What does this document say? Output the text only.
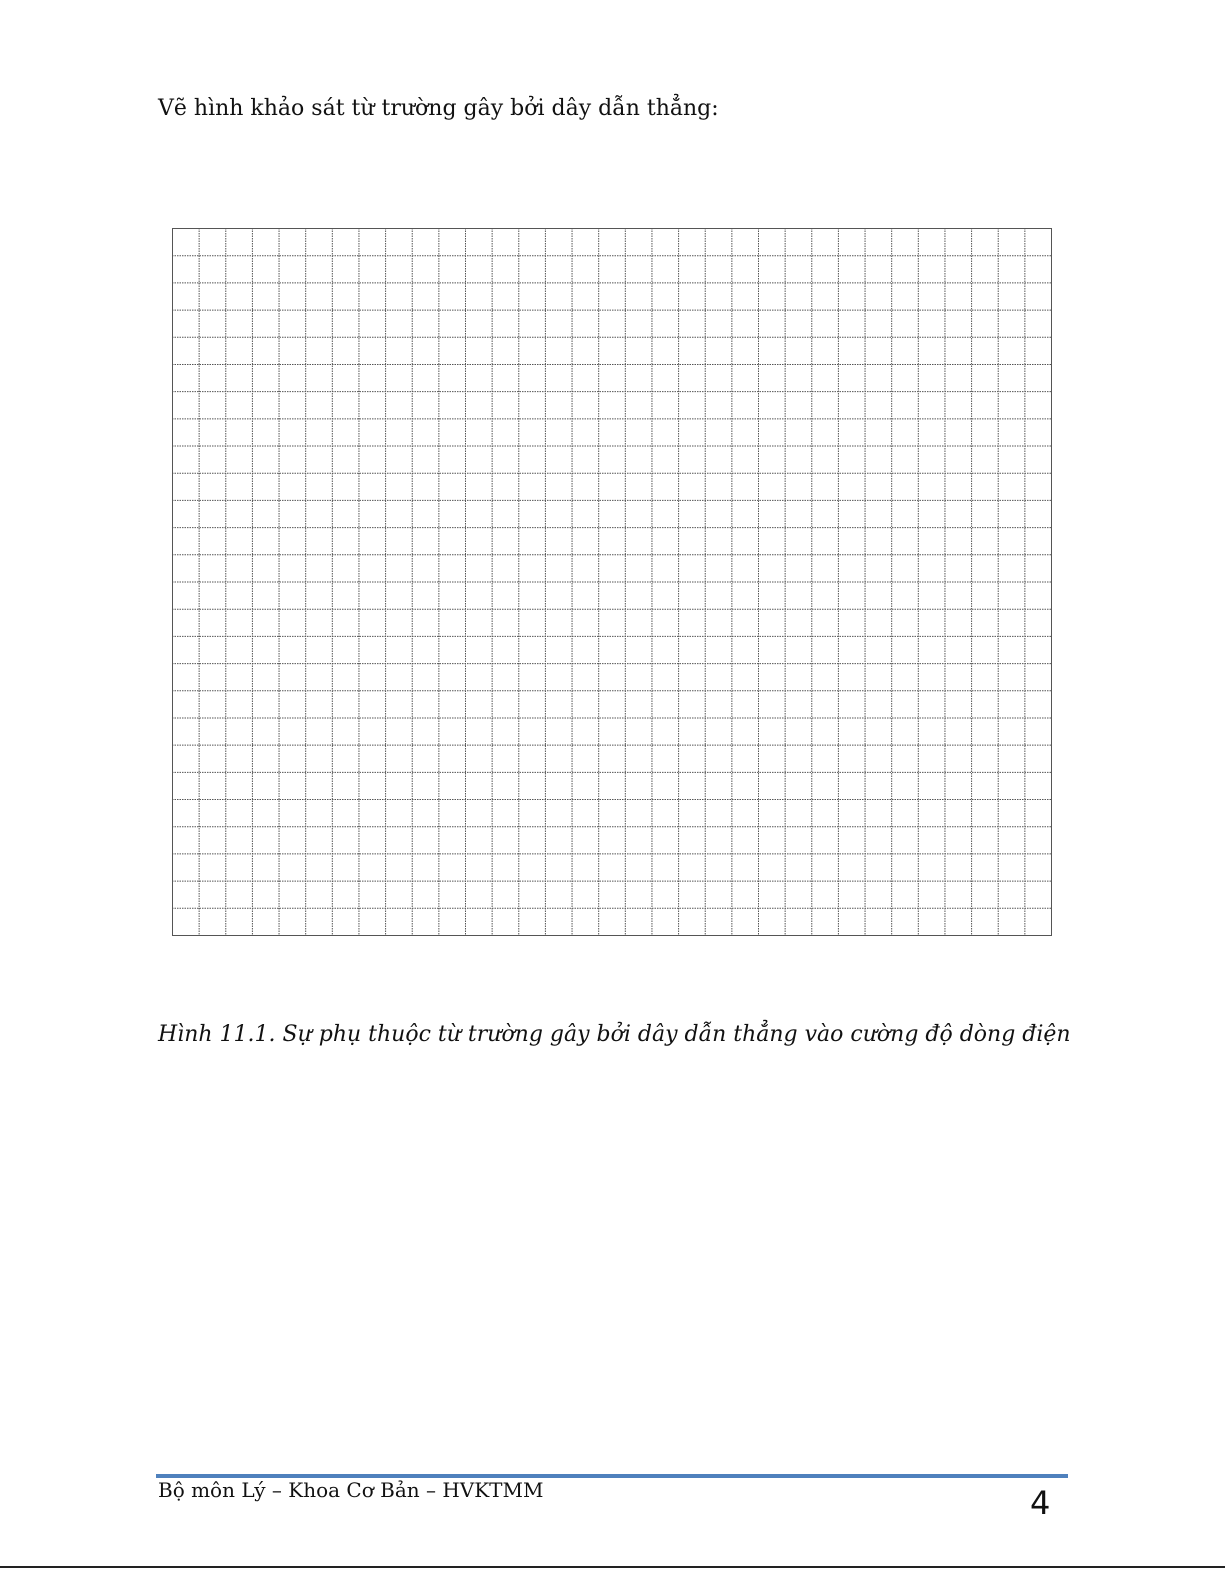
Vẽ hình khảo sát từ trường gây bởi dây dẫn thẳng:

Hình 11.1. Sự phụ thuộc từ trường gây bởi dây dẫn thẳng vào cường độ dòng điện

Bộ môn Lý – Khoa Cơ Bản – HVKTMM	4
